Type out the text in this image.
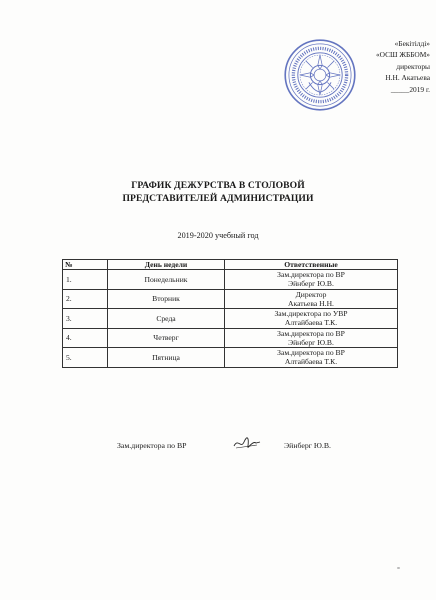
«Бекітілді»
«ОСШ ЖББОМ»
директоры
Н.Н. Акатьева
_____2019 г.
ГРАФИК ДЕЖУРСТВА В СТОЛОВОЙ
ПРЕДСТАВИТЕЛЕЙ АДМИНИСТРАЦИИ
2019-2020 учебный год
№	День недели	Ответственные
1.	Понедельник	Зам.директора по ВР
Эйнберг Ю.В.

2.	Вторник	Директор
Акатьева Н.Н.

3.	Среда	Зам.директора по УВР
Алтайбаева Т.К.

4.	Четверг	Зам.директора по ВР
Эйнберг Ю.В.

5.	Пятница	Зам.директора по ВР
Алтайбаева Т.К.
Зам.директора по ВР	Эйнберг Ю.В.
